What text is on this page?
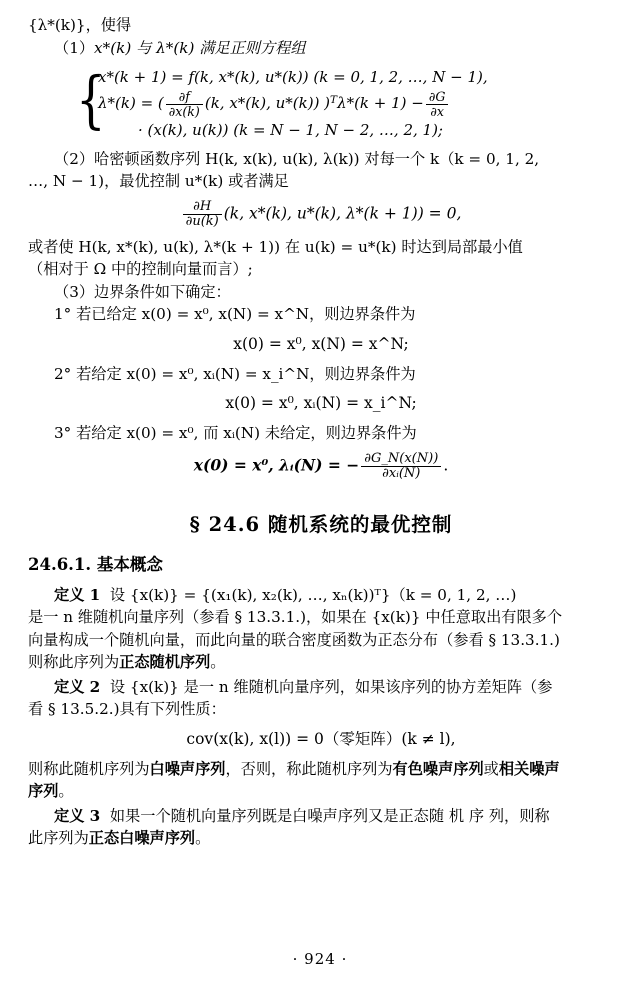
{λ*(k)}，使得
（1）x*(k) 与 λ*(k) 满足正则方程组
{
x*(k + 1) = f(k, x*(k), u*(k)) (k = 0, 1, 2, …, N − 1),
λ*(k) = ( $\frac{\partial f}{\partial x(k)} (k$, x*(k), u*(k)) )$^T\lambda*(k + 1) - \frac{\partial G}{\partial x}$
· (x(k), u(k)) (k = N − 1, N − 2, …, 2, 1);
（2）哈密顿函数序列 H(k, x(k), u(k), λ(k)) 对每一个 k（k = 0, 1, 2,
…, N − 1)，最优控制 u*(k) 或者满足
$\frac{\partial H}{\partial u(k)} (k$, x*(k), u*(k), λ*(k + 1)) = 0,
或者使 H(k, x*(k), u(k), λ*(k + 1)) 在 u(k) = u*(k) 时达到局部最小值
（相对于 Ω 中的控制向量而言）;
（3）边界条件如下确定：
1° 若已给定 x(0) = x⁰, x(N) = x^N，则边界条件为
x(0) = x⁰, x(N) = x^N;
2° 若给定 x(0) = x⁰, xᵢ(N) = x_i^N，则边界条件为
x(0) = x⁰, xᵢ(N) = x_i^N;
3° 若给定 x(0) = x⁰, 而 xᵢ(N) 未给定，则边界条件为
x(0) = x⁰, λᵢ(N) = − $\frac{\partial G\_N(x(N))}{\text{∂xᵢ(N)}}$ .
§ 24.6 随机系统的最优控制
24.6.1. 基本概念
定义 1 设 {x(k)} = {(x₁(k), x₂(k), …, xₙ(k))ᵀ}（k = 0, 1, 2, …)
是一 n 维随机向量序列（参看 § 13.3.1.)，如果在 {x(k)} 中任意取出有限多个
向量构成一个随机向量，而此向量的联合密度函数为正态分布（参看 § 13.3.1.)
则称此序列为正态随机序列。
定义 2 设 {x(k)} 是一 n 维随机向量序列，如果该序列的协方差矩阵（参
看 § 13.5.2.)具有下列性质：
cov(x(k), x(l)) = 0（零矩阵）(k ≠ l),
则称此随机序列为白噪声序列，否则，称此随机序列为有色噪声序列或相关噪声
序列。
定义 3 如果一个随机向量序列既是白噪声序列又是正态随 机 序 列，则称
此序列为正态白噪声序列。
· 924 ·
